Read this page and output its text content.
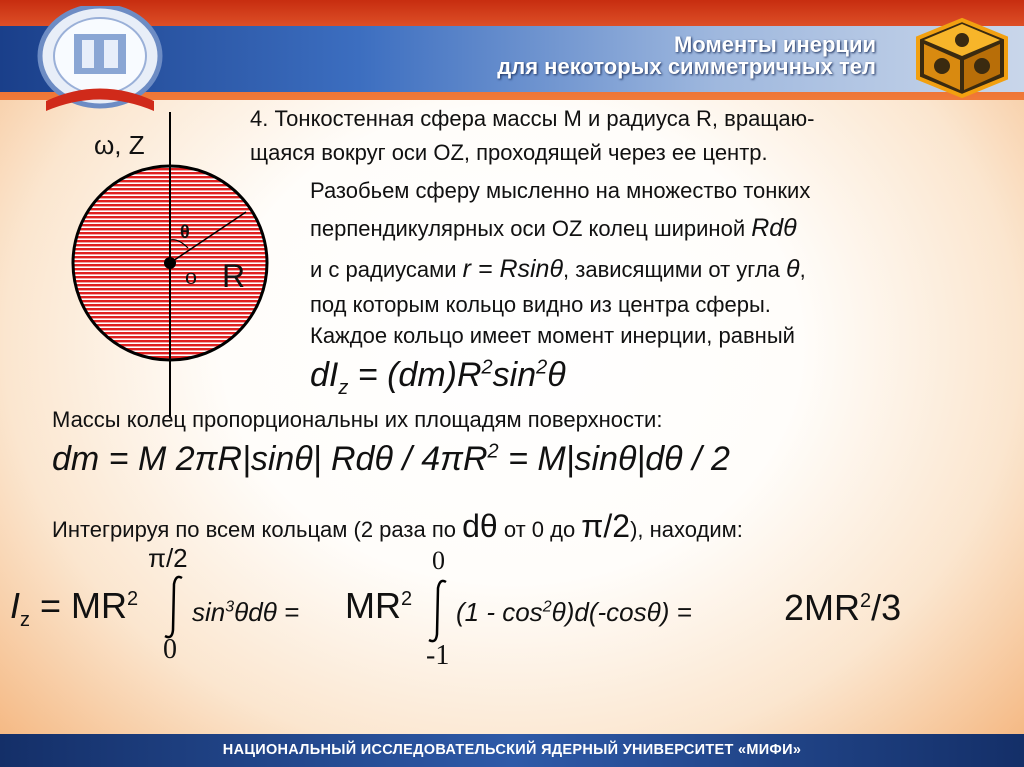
Моменты инерции
для некоторых симметричных тел
ω, Z
θ
o R
4. Тонкостенная сфера массы М и радиуса R, вращаю-
щаяся вокруг оси OZ, проходящей через ее центр.
Разобьем сферу мысленно на множество тонких
перпендикулярных оси OZ колец шириной Rdθ
и с радиусами r = Rsinθ, зависящими от угла θ,
под которым кольцо видно из центра сферы.
Каждое кольцо имеет момент инерции, равный
$dI_z = (dm)R^2\sin^2\theta$
Массы колец пропорциональны их площадям поверхности:
dm = M 2πR|sinθ| $Rd\theta / 4\pi R^2 = M|\sin\theta|d\theta / 2$
Интегрируя по всем кольцам (2 раза по dθ от 0 до π/2), находим:
π/2
0
0
-1
$I_z = MR^2$ $\sin^3\theta d\theta = MR^2$ $(1 - \cos^2\theta)d(-\cos\theta)$ =	$2MR^2/3$
НАЦИОНАЛЬНЫЙ ИССЛЕДОВАТЕЛЬСКИЙ ЯДЕРНЫЙ УНИВЕРСИТЕТ «МИФИ»
